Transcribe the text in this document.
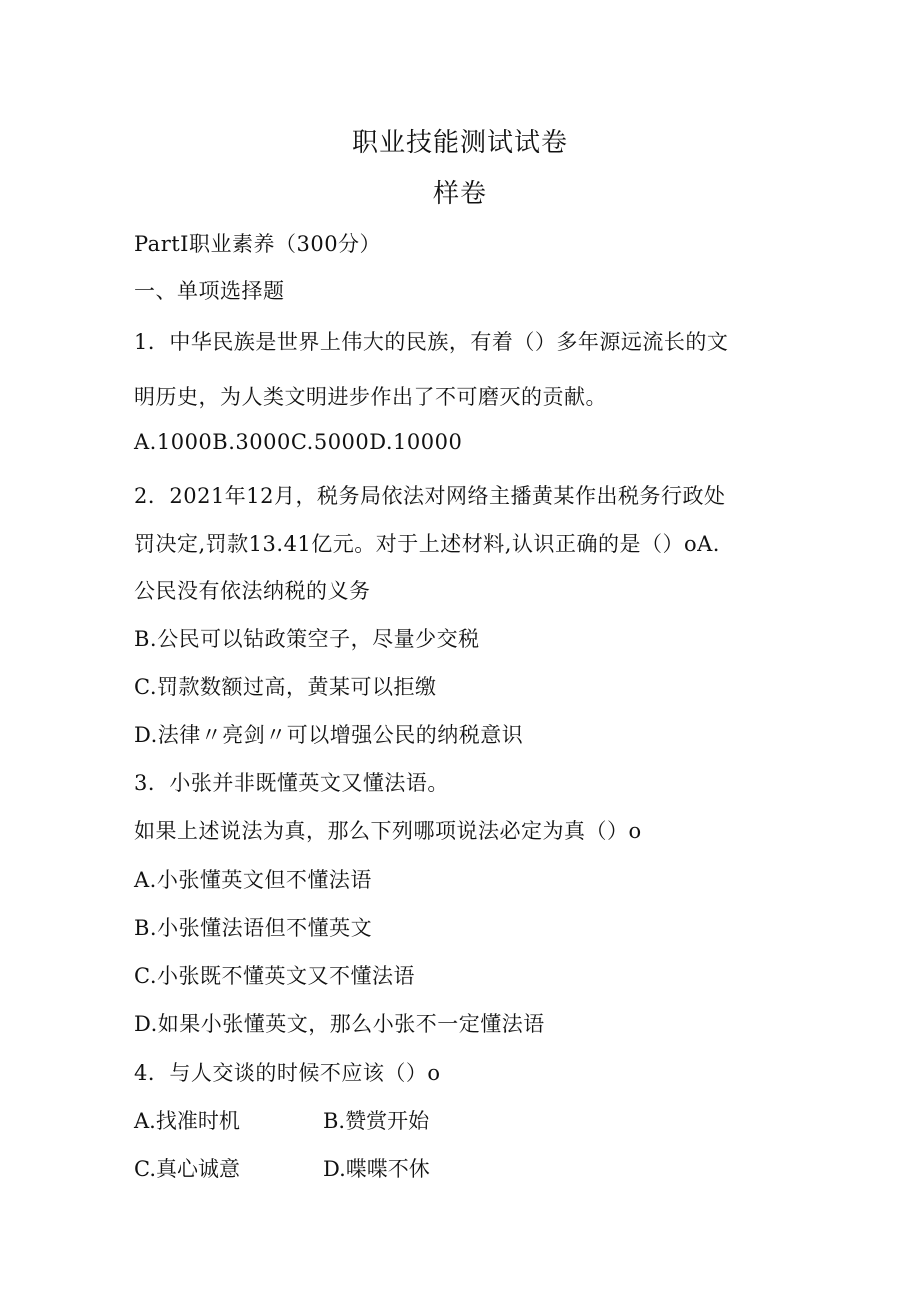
职业技能测试试卷
样卷
PartI职业素养（300分）
一、单项选择题
1．中华民族是世界上伟大的民族，有着（）多年源远流长的文
明历史，为人类文明进步作出了不可磨灭的贡献。
A.1000B.3000C.5000D.10000
2．2021年12月，税务局依法对网络主播黄某作出税务行政处
罚决定,罚款13.41亿元。对于上述材料,认识正确的是（）oA.
公民没有依法纳税的义务
B.公民可以钻政策空子，尽量少交税
C.罚款数额过高，黄某可以拒缴
D.法律〃亮剑〃可以增强公民的纳税意识
3．小张并非既懂英文又懂法语。
如果上述说法为真，那么下列哪项说法必定为真（）o
A.小张懂英文但不懂法语
B.小张懂法语但不懂英文
C.小张既不懂英文又不懂法语
D.如果小张懂英文，那么小张不一定懂法语
4．与人交谈的时候不应该（）o
A.找准时机	B.赞赏开始
C.真心诚意	D.喋喋不休
